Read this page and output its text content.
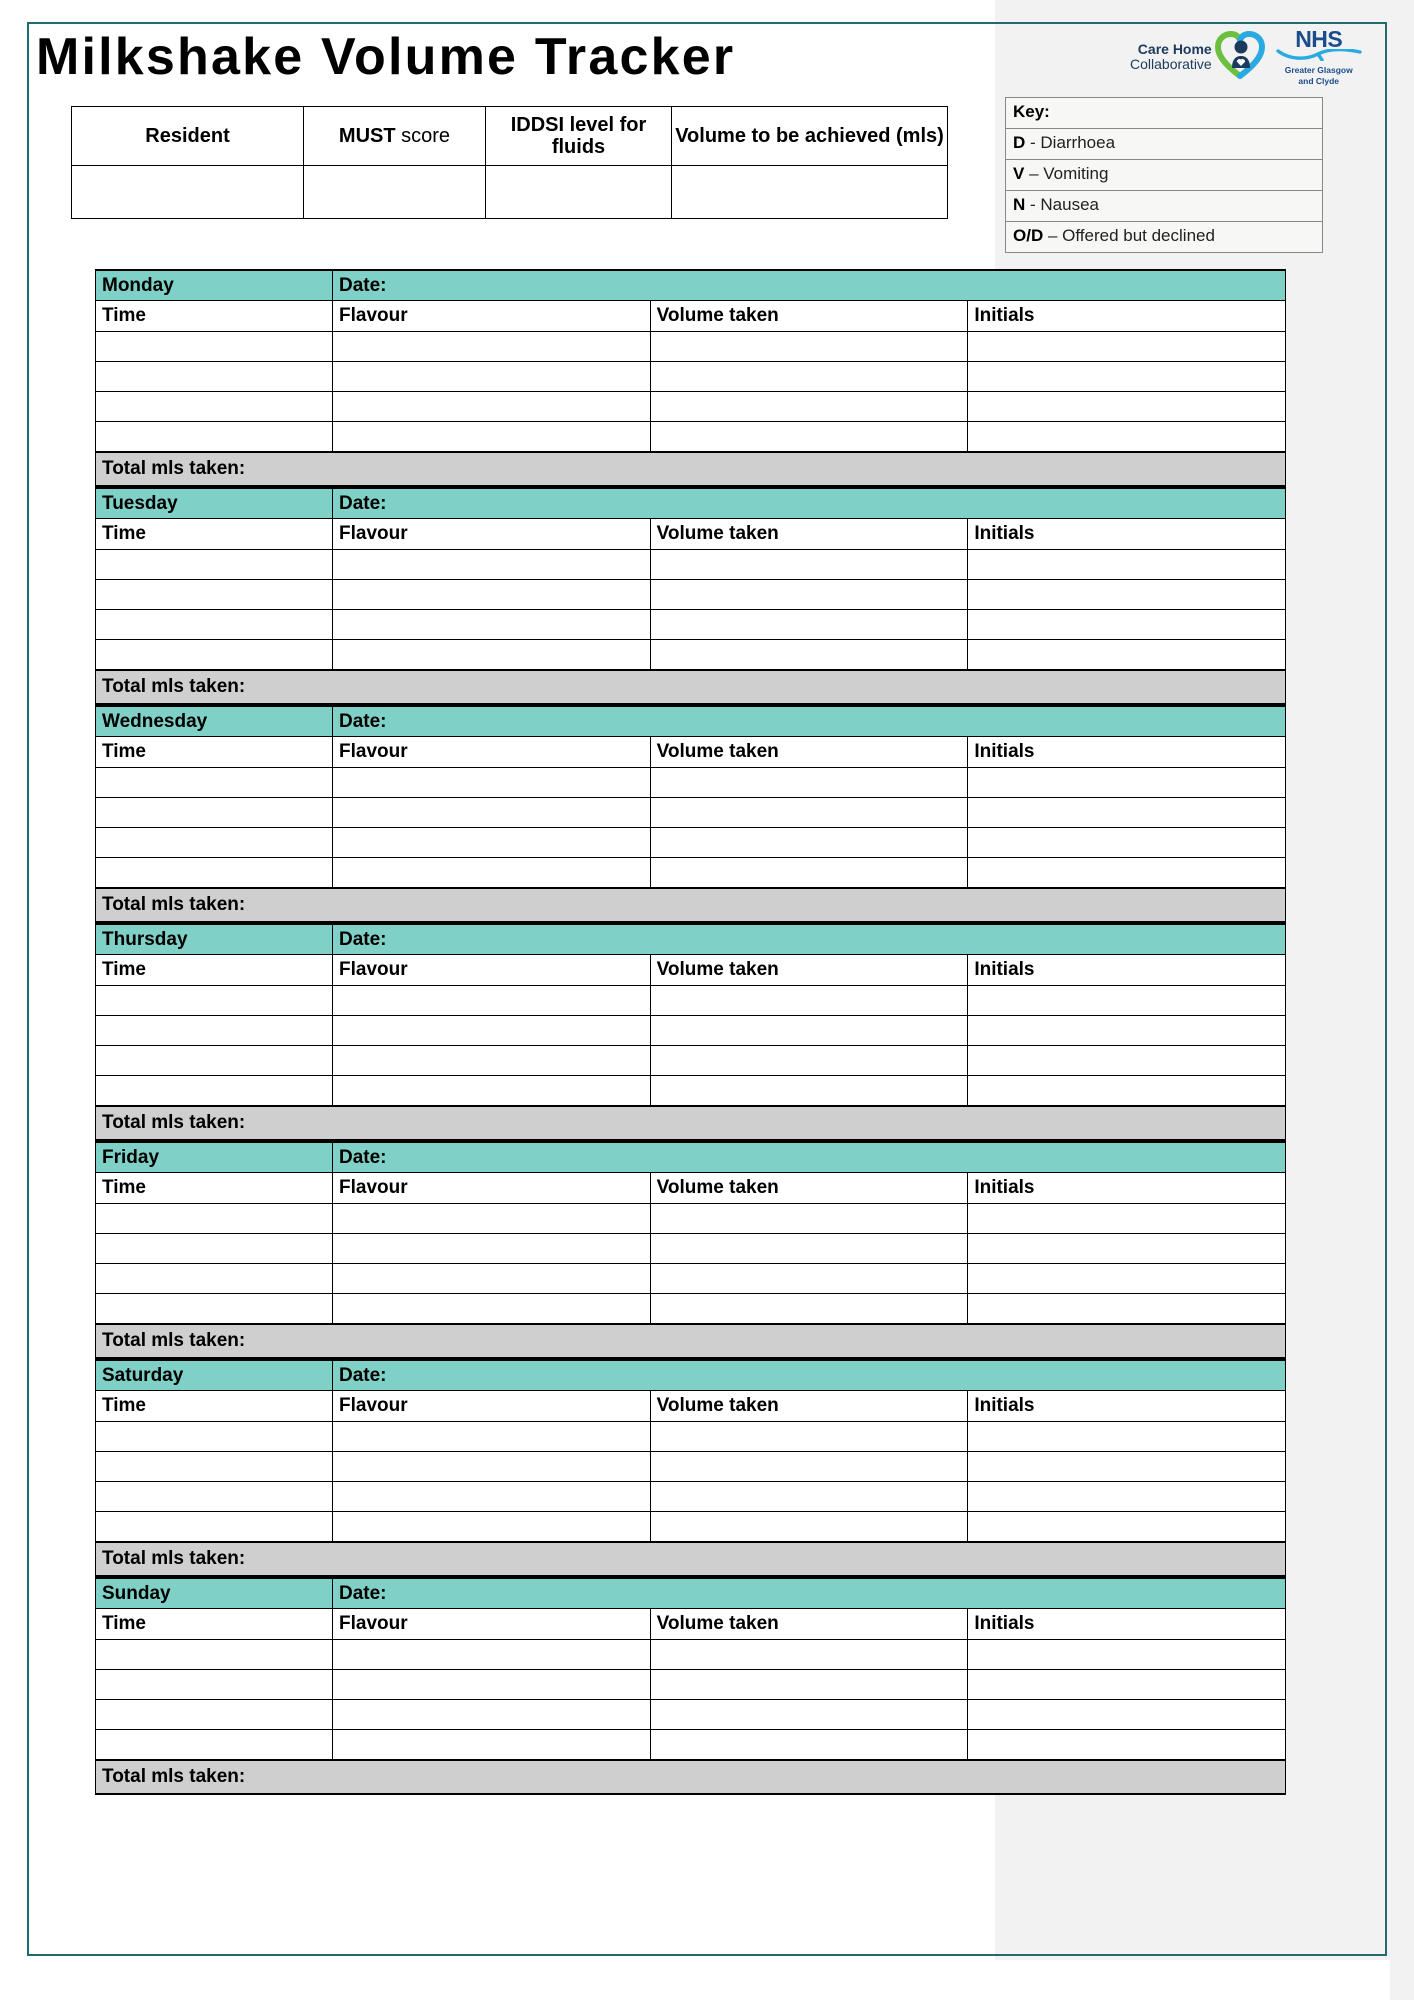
Milkshake Volume Tracker	Care Home
Collaborative
NHS
Greater Glasgow
and Clyde
Resident	MUST score	IDDSI level for fluids	Volume to be achieved (mls)

Key:
D - Diarrhoea
V – Vomiting
N - Nausea
O/D – Offered but declined
Monday	Date:		
Time	Flavour	Volume taken	Initials

Total mls taken:			
Tuesday	Date:		
Time	Flavour	Volume taken	Initials

Total mls taken:			
Wednesday	Date:		
Time	Flavour	Volume taken	Initials

Total mls taken:			
Thursday	Date:		
Time	Flavour	Volume taken	Initials

Total mls taken:			
Friday	Date:		
Time	Flavour	Volume taken	Initials

Total mls taken:			
Saturday	Date:		
Time	Flavour	Volume taken	Initials

Total mls taken:			
Sunday	Date:		
Time	Flavour	Volume taken	Initials

Total mls taken:			
